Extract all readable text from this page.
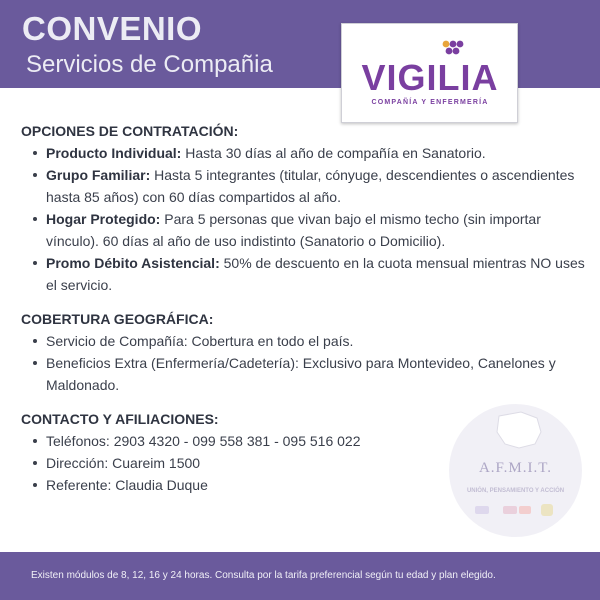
CONVENIO
Servicios de Compañia VIGILIA
COMPAÑÍA Y ENFERMERÍA
OPCIONES DE CONTRATACIÓN:
Producto Individual: Hasta 30 días al año de compañía en Sanatorio.
Grupo Familiar: Hasta 5 integrantes (titular, cónyuge, descendientes o ascendientes hasta 85 años) con 60 días compartidos al año.
Hogar Protegido: Para 5 personas que vivan bajo el mismo techo (sin importar vínculo). 60 días al año de uso indistinto (Sanatorio o Domicilio).
Promo Débito Asistencial: 50% de descuento en la cuota mensual mientras NO uses el servicio.
COBERTURA GEOGRÁFICA:
Servicio de Compañía: Cobertura en todo el país.
Beneficios Extra (Enfermería/Cadetería): Exclusivo para Montevideo, Canelones y Maldonado.
CONTACTO Y AFILIACIONES:
Teléfonos: 2903 4320 - 099 558 381 - 095 516 022
Dirección: Cuareim 1500
Referente: Claudia Duque
A.F.M.I.T.
UNIÓN, PENSAMIENTO Y ACCIÓN
Existen módulos de 8, 12, 16 y 24 horas. Consulta por la tarifa preferencial según tu edad y plan elegido.
